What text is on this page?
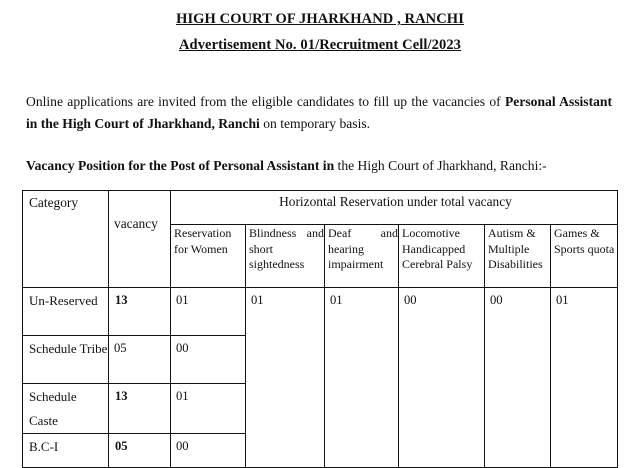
HIGH COURT OF JHARKHAND , RANCHI
Advertisement No. 01/Recruitment Cell/2023
Online applications are invited from the eligible candidates to fill up the vacancies of Personal Assistant in the High Court of Jharkhand, Ranchi on temporary basis.
Vacancy Position for the Post of Personal Assistant in the High Court of Jharkhand, Ranchi:-
Category	vacancy	Horizontal Reservation under total vacancy					
		Reservation for Women	Blindness and short sightedness	Deaf and hearing impairment	Locomotive Handicapped Cerebral Palsy	Autism & Multiple Disabilities	Games & Sports quota
Un-Reserved	13	01	01	01	00	00	01
Schedule Tribe	05	00					
Schedule Caste	13	01					
B.C-I	05	00					
